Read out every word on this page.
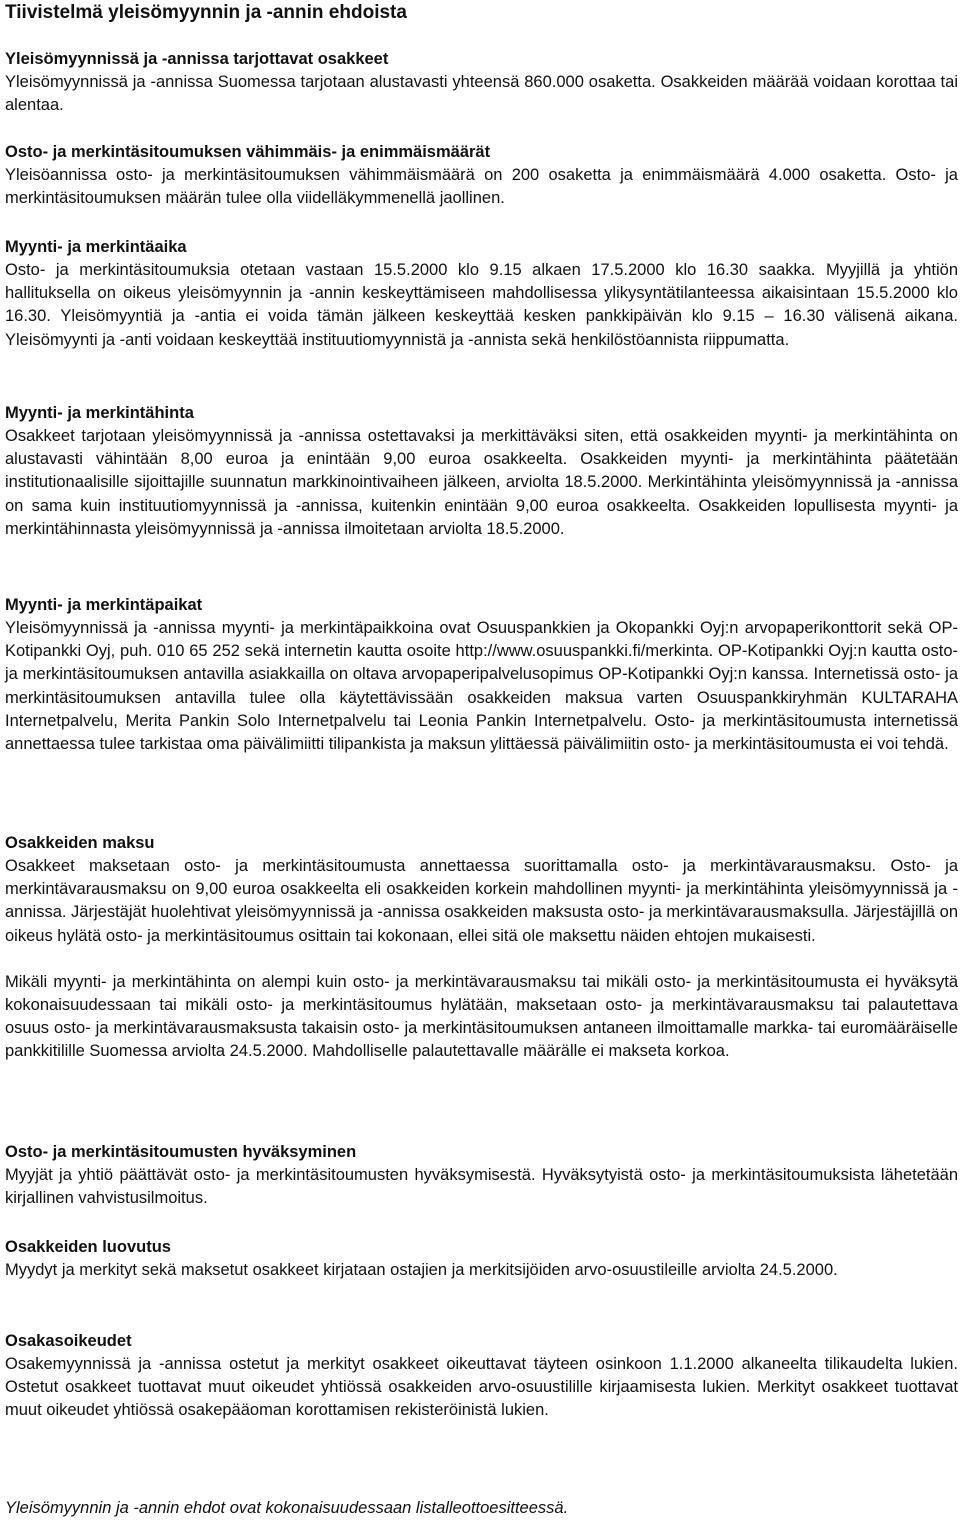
Tiivistelmä yleisömyynnin ja -annin ehdoista
Yleisömyynnissä ja -annissa tarjottavat osakkeet

Yleisömyynnissä ja -annissa Suomessa tarjotaan alustavasti yhteensä 860.000 osaketta. Osakkeiden määrää voidaan korottaa tai alentaa.

Osto- ja merkintäsitoumuksen vähimmäis- ja enimmäismäärät

Yleisöannissa osto- ja merkintäsitoumuksen vähimmäismäärä on 200 osaketta ja enimmäismäärä 4.000 osaketta. Osto- ja merkintäsitoumuksen määrän tulee olla viidelläkymmenellä jaollinen.

Myynti- ja merkintäaika

Osto- ja merkintäsitoumuksia otetaan vastaan 15.5.2000 klo 9.15 alkaen 17.5.2000 klo 16.30 saakka. Myyjillä ja yhtiön hallituksella on oikeus yleisömyynnin ja -annin keskeyttämiseen mahdollisessa ylikysyntätilanteessa aikaisintaan 15.5.2000 klo 16.30. Yleisömyyntiä ja -antia ei voida tämän jälkeen keskeyttää kesken pankkipäivän klo 9.15 – 16.30 välisenä aikana. Yleisömyynti ja -anti voidaan keskeyttää instituutiomyynnistä ja -annista sekä henkilöstöannista riippumatta.

Myynti- ja merkintähinta

Osakkeet tarjotaan yleisömyynnissä ja -annissa ostettavaksi ja merkittäväksi siten, että osakkeiden myynti- ja merkintähinta on alustavasti vähintään 8,00 euroa ja enintään 9,00 euroa osakkeelta. Osakkeiden myynti- ja merkintähinta päätetään institutionaalisille sijoittajille suunnatun markkinointivaiheen jälkeen, arviolta 18.5.2000. Merkintähinta yleisömyynnissä ja -annissa on sama kuin instituutiomyynnissä ja -annissa, kuitenkin enintään 9,00 euroa osakkeelta. Osakkeiden lopullisesta myynti- ja merkintähinnasta yleisömyynnissä ja -annissa ilmoitetaan arviolta 18.5.2000.

Myynti- ja merkintäpaikat

Yleisömyynnissä ja -annissa myynti- ja merkintäpaikkoina ovat Osuuspankkien ja Okopankki Oyj:n arvopaperikonttorit sekä OP-Kotipankki Oyj, puh. 010 65 252 sekä internetin kautta osoite http://www.osuuspankki.fi/merkinta. OP-Kotipankki Oyj:n kautta osto- ja merkintäsitoumuksen antavilla asiakkailla on oltava arvopaperipalvelusopimus OP-Kotipankki Oyj:n kanssa. Internetissä osto- ja merkintäsitoumuksen antavilla tulee olla käytettävissään osakkeiden maksua varten Osuuspankkiryhmän KULTARAHA Internetpalvelu, Merita Pankin Solo Internetpalvelu tai Leonia Pankin Internetpalvelu. Osto- ja merkintäsitoumusta internetissä annettaessa tulee tarkistaa oma päivälimiitti tilipankista ja maksun ylittäessä päivälimiitin osto- ja merkintäsitoumusta ei voi tehdä.

Osakkeiden maksu

Osakkeet maksetaan osto- ja merkintäsitoumusta annettaessa suorittamalla osto- ja merkintävarausmaksu. Osto- ja merkintävarausmaksu on 9,00 euroa osakkeelta eli osakkeiden korkein mahdollinen myynti- ja merkintähinta yleisömyynnissä ja -annissa. Järjestäjät huolehtivat yleisömyynnissä ja -annissa osakkeiden maksusta osto- ja merkintävarausmaksulla. Järjestäjillä on oikeus hylätä osto- ja merkintäsitoumus osittain tai kokonaan, ellei sitä ole maksettu näiden ehtojen mukaisesti.

Mikäli myynti- ja merkintähinta on alempi kuin osto- ja merkintävarausmaksu tai mikäli osto- ja merkintäsitoumusta ei hyväksytä kokonaisuudessaan tai mikäli osto- ja merkintäsitoumus hylätään, maksetaan osto- ja merkintävarausmaksu tai palautettava osuus osto- ja merkintävarausmaksusta takaisin osto- ja merkintäsitoumuksen antaneen ilmoittamalle markka- tai euromääräiselle pankkitilille Suomessa arviolta 24.5.2000. Mahdolliselle palautettavalle määrälle ei makseta korkoa.

Osto- ja merkintäsitoumusten hyväksyminen

Myyjät ja yhtiö päättävät osto- ja merkintäsitoumusten hyväksymisestä. Hyväksytyistä osto- ja merkintäsitoumuksista lähetetään kirjallinen vahvistusilmoitus.

Osakkeiden luovutus

Myydyt ja merkityt sekä maksetut osakkeet kirjataan ostajien ja merkitsijöiden arvo-osuustileille arviolta 24.5.2000.

Osakasoikeudet

Osakemyynnissä ja -annissa ostetut ja merkityt osakkeet oikeuttavat täyteen osinkoon 1.1.2000 alkaneelta tilikaudelta lukien. Ostetut osakkeet tuottavat muut oikeudet yhtiössä osakkeiden arvo-osuustilille kirjaamisesta lukien. Merkityt osakkeet tuottavat muut oikeudet yhtiössä osakepääoman korottamisen rekisteröinistä lukien.

Yleisömyynnin ja -annin ehdot ovat kokonaisuudessaan listalleottoesitteessä.
